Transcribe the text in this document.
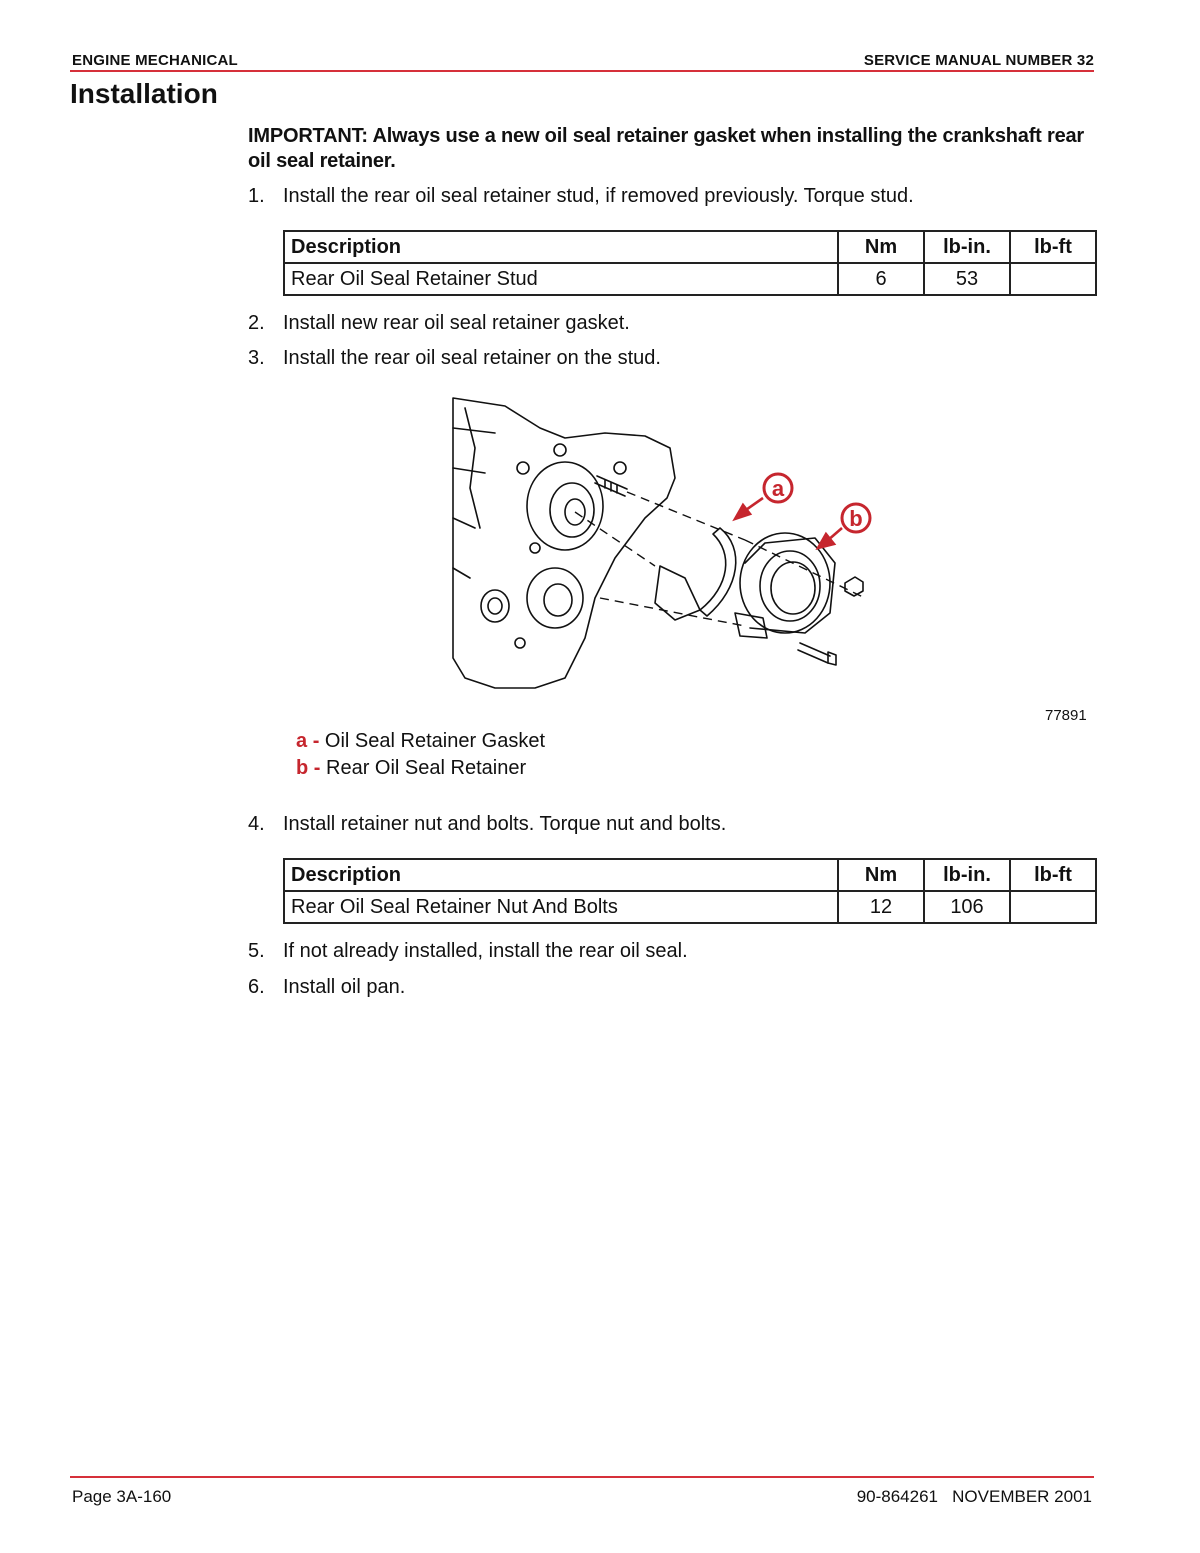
ENGINE MECHANICAL	SERVICE MANUAL NUMBER 32
Installation
IMPORTANT: Always use a new oil seal retainer gasket when installing the crankshaft rear oil seal retainer.
1. Install the rear oil seal retainer stud, if removed previously. Torque stud.
Description	Nm	lb-in.	lb-ft
Rear Oil Seal Retainer Stud	6	53	
2. Install new rear oil seal retainer gasket.
3. Install the rear oil seal retainer on the stud.
a
b
77891
a - Oil Seal Retainer Gasket
b - Rear Oil Seal Retainer
4. Install retainer nut and bolts. Torque nut and bolts.
Description	Nm	lb-in.	lb-ft
Rear Oil Seal Retainer Nut And Bolts	12	106	
5. If not already installed, install the rear oil seal.
6. Install oil pan.
Page 3A-160	90-864261   NOVEMBER 2001
